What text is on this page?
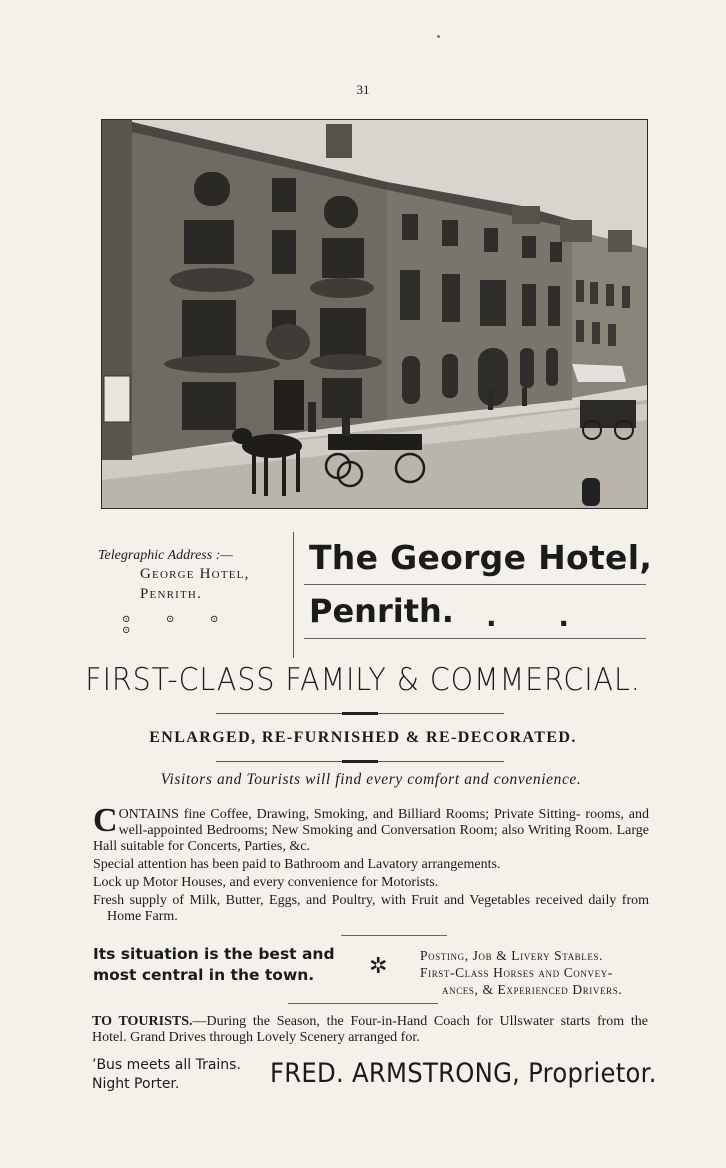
31
Telegraphic Address :—
George Hotel,
Penrith.
⊙	⊙	⊙⊙
The George Hotel,
Penrith. . .
FIRST-CLASS FAMILY & COMMERCIAL.
ENLARGED, RE-FURNISHED & RE-DECORATED.
Visitors and Tourists will find every comfort and convenience.

C ONTAINS fine Coffee, Drawing, Smoking, and Billiard Rooms; Private Sitting- rooms, and well-appointed Bedrooms; New Smoking and Conversation Room; also Writing Room. Large Hall suitable for Concerts, Parties, &c.

Special attention has been paid to Bathroom and Lavatory arrangements.

Lock up Motor Houses, and every convenience for Motorists.

Fresh supply of Milk, Butter, Eggs, and Poultry, with Fruit and Vegetables received daily from Home Farm.

Its situation is the best and
most central in the town.	✲ Posting, Job & Livery Stables.
First-Class Horses and Convey-
ances, & Experienced Drivers.
TO TOURISTS.—During the Season, the Four-in-Hand Coach for Ullswater starts from the Hotel. Grand Drives through Lovely Scenery arranged for.
’Bus meets all Trains.
Night Porter.	FRED. ARMSTRONG, Proprietor.
